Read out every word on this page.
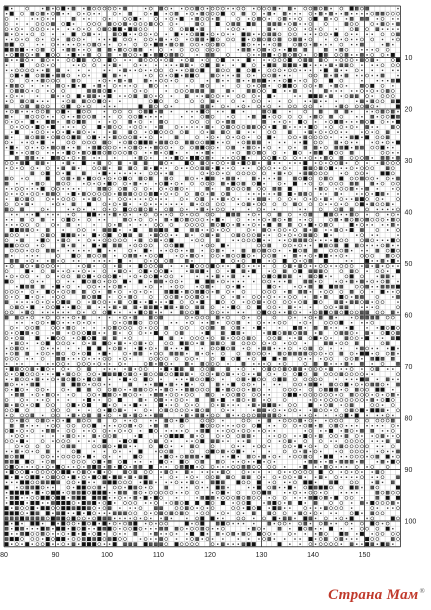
80	90	100	110	120	130	140	150
10
20
30
40
50
60
70
80
90
100
Страна Мам®
